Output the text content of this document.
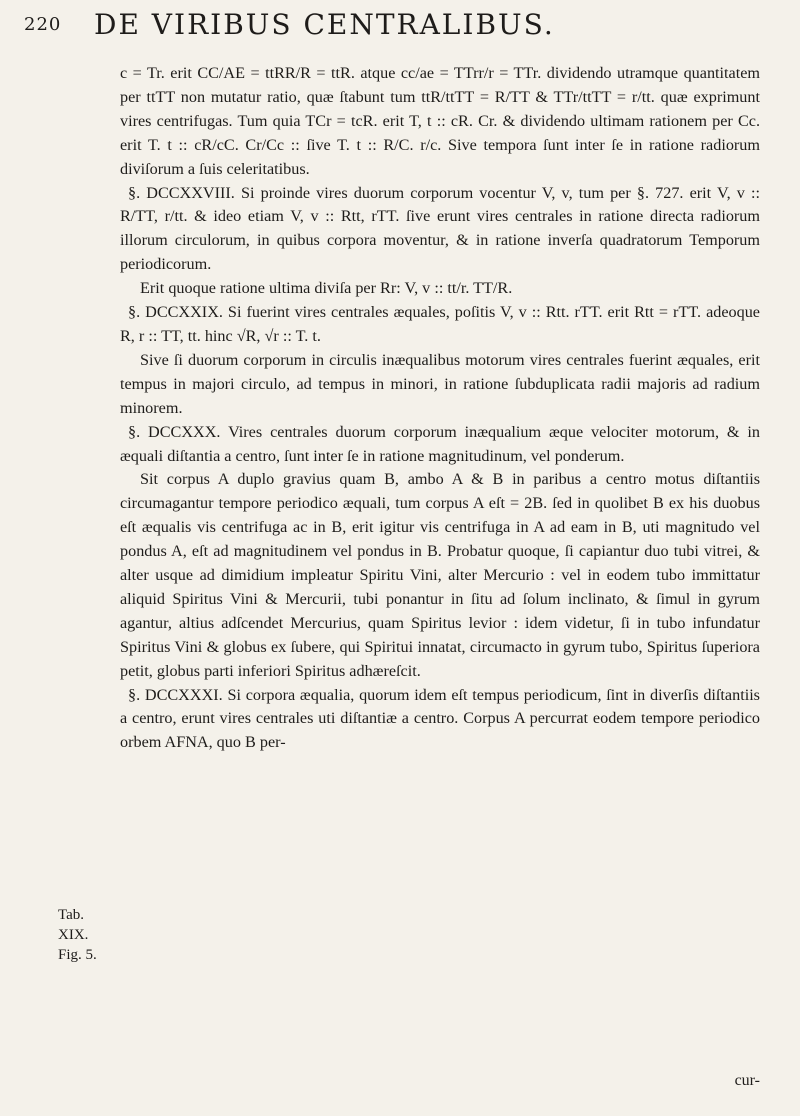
220 DE VIRIBUS CENTRALIBUS.

c = Tr. erit CC/AE = ttRR/R = ttR. atque cc/ae = TTrr/r = TTr. dividendo utramque quantitatem per ttTT non mutatur ratio, quæ ſtabunt tum ttR/ttTT = R/TT & TTr/ttTT = r/tt. quæ exprimunt vires centrifugas. Tum quia TCr = tcR. erit T, t :: cR. Cr. & dividendo ultimam rationem per Cc. erit T. t :: cR/cC. Cr/Cc :: ſive T. t :: R/C. r/c. Sive tempora ſunt inter ſe in ratione radiorum diviſorum a ſuis celeritatibus.

§. DCCXXVIII. Si proinde vires duorum corporum vocentur V, v, tum per §. 727. erit V, v :: R/TT, r/tt. & ideo etiam V, v :: Rtt, rTT. ſive erunt vires centrales in ratione directa radiorum illorum circulorum, in quibus corpora moventur, & in ratione inverſa quadratorum Temporum periodicorum.

Erit quoque ratione ultima diviſa per Rr: V, v :: tt/r. TT/R.

§. DCCXXIX. Si fuerint vires centrales æquales, poſitis V, v :: Rtt. rTT. erit Rtt = rTT. adeoque R, r :: TT, tt. hinc √R, √r :: T. t.

Sive ſi duorum corporum in circulis inæqualibus motorum vires centrales fuerint æquales, erit tempus in majori circulo, ad tempus in minori, in ratione ſubduplicata radii majoris ad radium minorem.

§. DCCXXX. Vires centrales duorum corporum inæqualium æque velociter motorum, & in æquali diſtantia a centro, ſunt inter ſe in ratione magnitudinum, vel ponderum.

Sit corpus A duplo gravius quam B, ambo A & B in paribus a centro motus diſtantiis circumagantur tempore periodico æquali, tum corpus A eſt = 2B. ſed in quolibet B ex his duobus eſt æqualis vis centrifuga ac in B, erit igitur vis centrifuga in A ad eam in B, uti magnitudo vel pondus A, eſt ad magnitudinem vel pondus in B. Probatur quoque, ſi capiantur duo tubi vitrei, & alter usque ad dimidium impleatur Spiritu Vini, alter Mercurio : vel in eodem tubo immittatur aliquid Spiritus Vini & Mercurii, tubi ponantur in ſitu ad ſolum inclinato, & ſimul in gyrum agantur, altius adſcendet Mercurius, quam Spiritus levior : idem videtur, ſi in tubo infundatur Spiritus Vini & globus ex ſubere, qui Spiritui innatat, circumacto in gyrum tubo, Spiritus ſuperiora petit, globus parti inferiori Spiritus adhæreſcit.

§. DCCXXXI. Si corpora æqualia, quorum idem eſt tempus periodicum, ſint in diverſis diſtantiis a centro, erunt vires centrales uti diſtantiæ a centro. Corpus A percurrat eodem tempore periodico orbem AFNA, quo B per-

Tab.
XIX.
Fig. 5.
cur-
